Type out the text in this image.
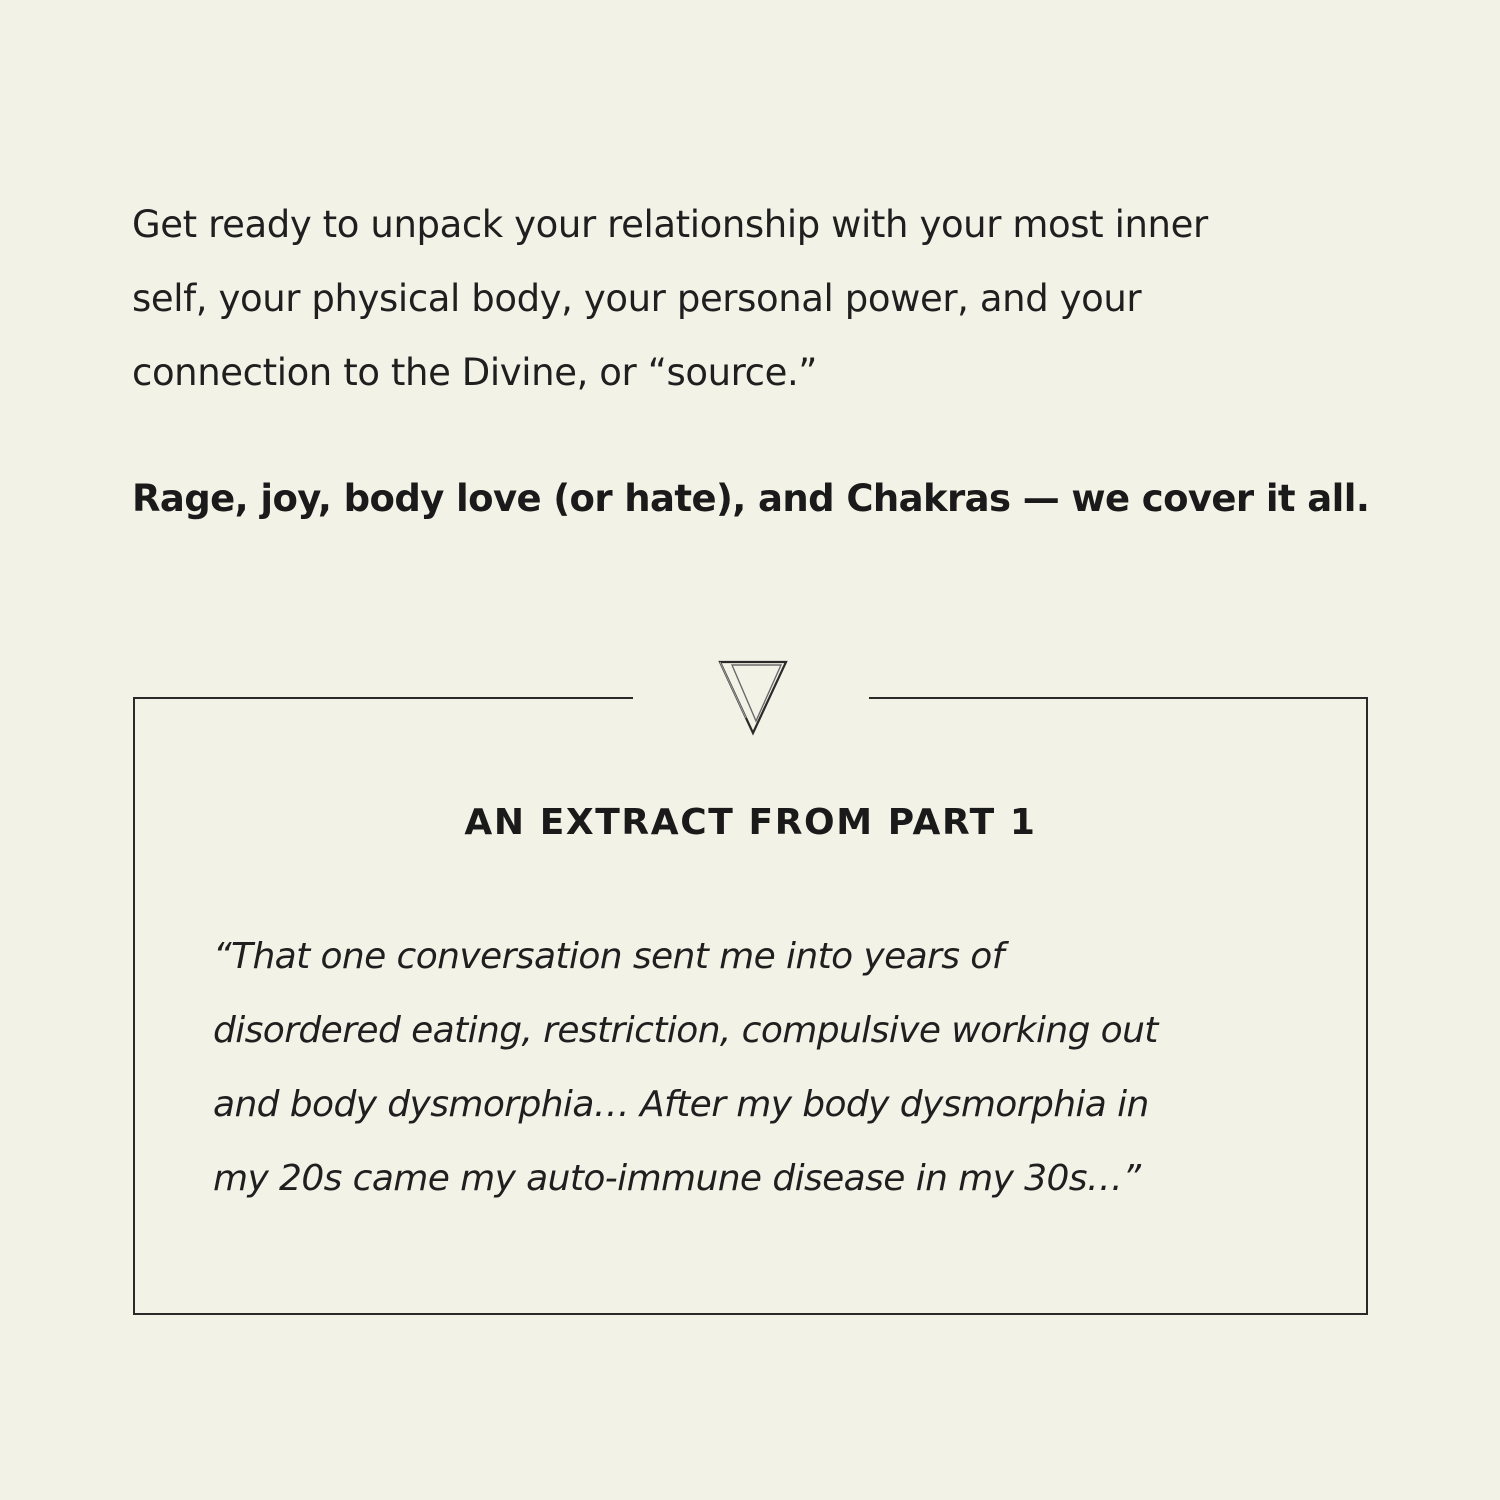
Get ready to unpack your relationship with your most inner
self, your physical body, your personal power, and your
connection to the Divine, or “source.”

Rage, joy, body love (or hate), and Chakras — we cover it all.

AN EXTRACT FROM PART 1

“That one conversation sent me into years of
disordered eating, restriction, compulsive working out
and body dysmorphia… After my body dysmorphia in
my 20s came my auto-immune disease in my 30s…”
